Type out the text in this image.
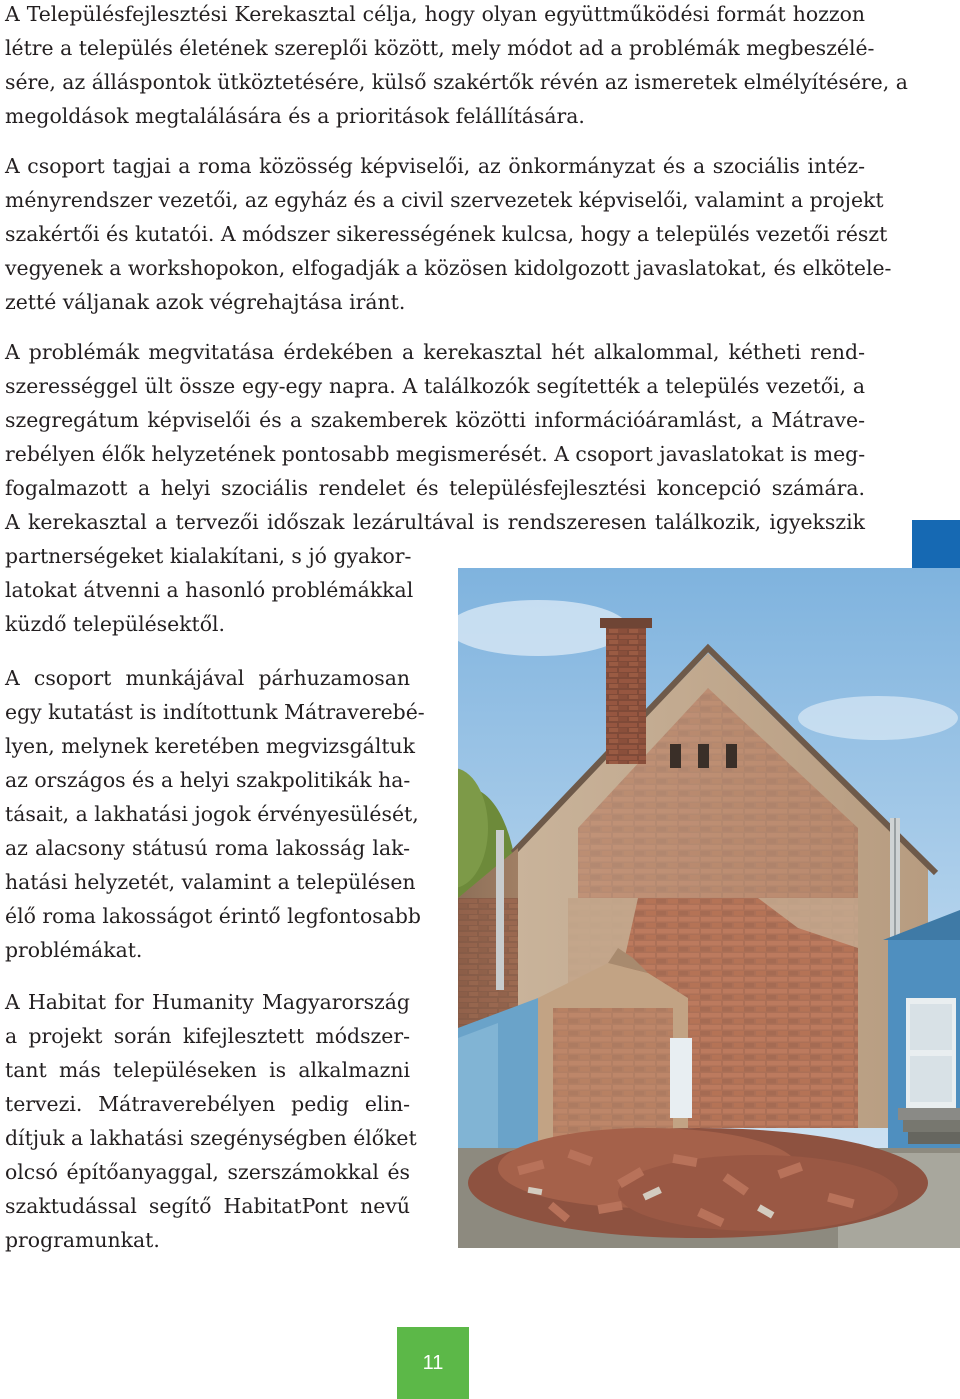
A Településfejlesztési Kerekasztal célja, hogy olyan együttműködési formát hozzon
létre a település életének szereplői között, mely módot ad a problémák megbeszélé-
sére, az álláspontok ütköztetésére, külső szakértők révén az ismeretek elmélyítésére, a
megoldások megtalálására és a prioritások felállítására.
A csoport tagjai a roma közösség képviselői, az önkormányzat és a szociális intéz-
ményrendszer vezetői, az egyház és a civil szervezetek képviselői, valamint a projekt
szakértői és kutatói. A módszer sikerességének kulcsa, hogy a település vezetői részt
vegyenek a workshopokon, elfogadják a közösen kidolgozott javaslatokat, és elkötele-
zetté váljanak azok végrehajtása iránt.
A problémák megvitatása érdekében a kerekasztal hét alkalommal, kétheti rend-
szerességgel ült össze egy-egy napra. A találkozók segítették a település vezetői, a
szegregátum képviselői és a szakemberek közötti információáramlást, a Mátrave-
rebélyen élők helyzetének pontosabb megismerését. A csoport javaslatokat is meg-
fogalmazott a helyi szociális rendelet és településfejlesztési koncepció számára.
A kerekasztal a tervezői időszak lezárultával is rendszeresen találkozik, igyekszik
partnerségeket kialakítani, s jó gyakor-
latokat átvenni a hasonló problémákkal
küzdő településektől.
A csoport munkájával párhuzamosan
egy kutatást is indítottunk Mátraverebé-
lyen, melynek keretében megvizsgáltuk
az országos és a helyi szakpolitikák ha-
tásait, a lakhatási jogok érvényesülését,
az alacsony státusú roma lakosság lak-
hatási helyzetét, valamint a településen
élő roma lakosságot érintő legfontosabb
problémákat.
A Habitat for Humanity Magyarország
a projekt során kifejlesztett módszer-
tant más településeken is alkalmazni
tervezi. Mátraverebélyen pedig elin-
dítjuk a lakhatási szegénységben élőket
olcsó építőanyaggal, szerszámokkal és
szaktudással segítő HabitatPont nevű
programunkat.
11
